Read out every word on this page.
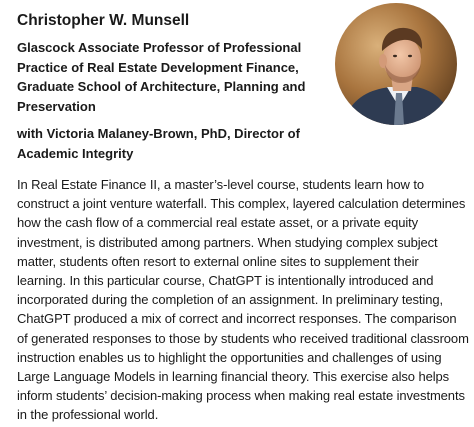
Christopher W. Munsell

Glascock Associate Professor of Professional Practice of Real Estate Development Finance, Graduate School of Architecture, Planning and Preservation

with Victoria Malaney-Brown, PhD, Director of Academic Integrity

In Real Estate Finance II, a master’s-level course, students learn how to construct a joint venture waterfall. This complex, layered calculation determines how the cash flow of a commercial real estate asset, or a private equity investment, is distributed among partners. When studying complex subject matter, students often resort to external online sites to supplement their learning. In this particular course, ChatGPT is intentionally introduced and incorporated during the completion of an assignment. In preliminary testing, ChatGPT produced a mix of correct and incorrect responses. The comparison of generated responses to those by students who received traditional classroom instruction enables us to highlight the opportunities and challenges of using Large Language Models in learning financial theory. This exercise also helps inform students’ decision-making process when making real estate investments in the professional world.
